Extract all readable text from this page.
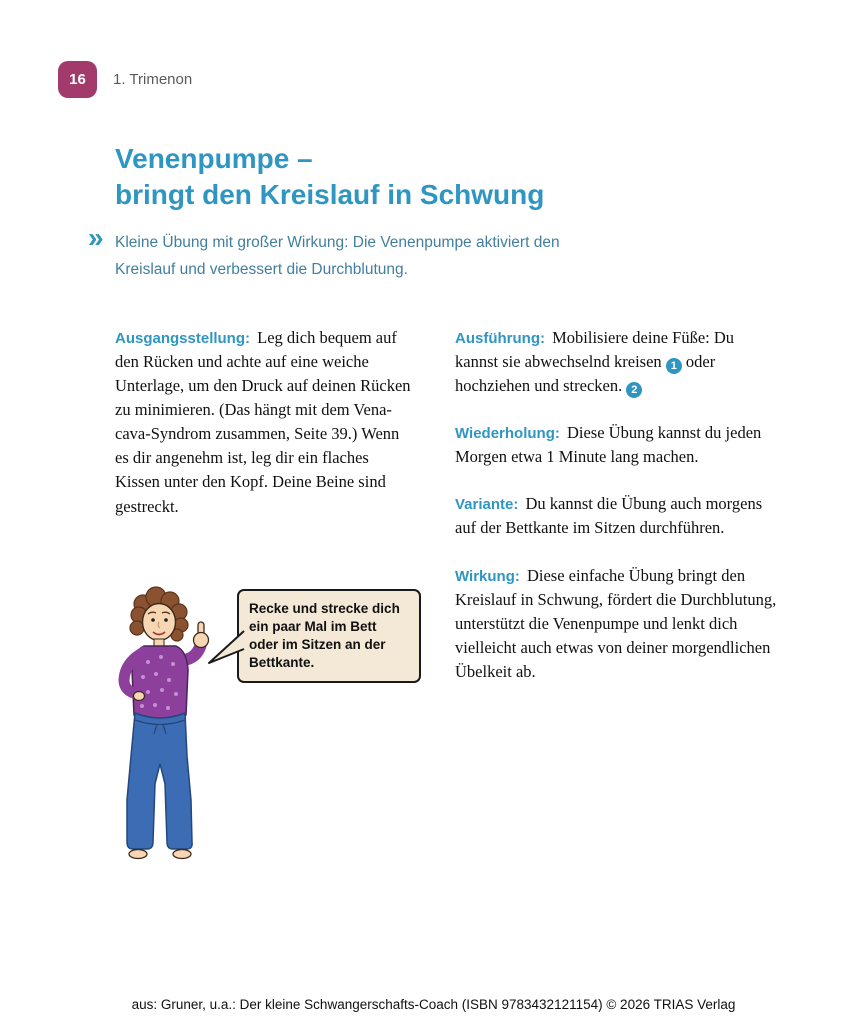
16 1. Trimenon
Venenpumpe –
bringt den Kreislauf in Schwung
» Kleine Übung mit großer Wirkung: Die Venenpumpe aktiviert den Kreislauf und verbessert die Durchblutung.

Ausgangsstellung: Leg dich bequem auf den Rücken und achte auf eine weiche Unterlage, um den Druck auf deinen Rücken zu minimieren. (Das hängt mit dem Vena-cava-Syndrom zusammen, Seite 39.) Wenn es dir angenehm ist, leg dir ein flaches Kissen unter den Kopf. Deine Beine sind gestreckt.

Ausführung: Mobilisiere deine Füße: Du kannst sie abwechselnd kreisen 1 oder hochziehen und strecken. 2

Wiederholung: Diese Übung kannst du jeden Morgen etwa 1 Minute lang machen.

Variante: Du kannst die Übung auch morgens auf der Bettkante im Sitzen durchführen.

Wirkung: Diese einfache Übung bringt den Kreislauf in Schwung, fördert die Durchblutung, unterstützt die Venenpumpe und lenkt dich vielleicht auch etwas von deiner morgendlichen Übelkeit ab.

Recke und strecke dich ein paar Mal im Bett oder im Sitzen an der Bettkante.
aus: Gruner, u.a.: Der kleine Schwangerschafts-Coach (ISBN 9783432121154) © 2026 TRIAS Verlag
